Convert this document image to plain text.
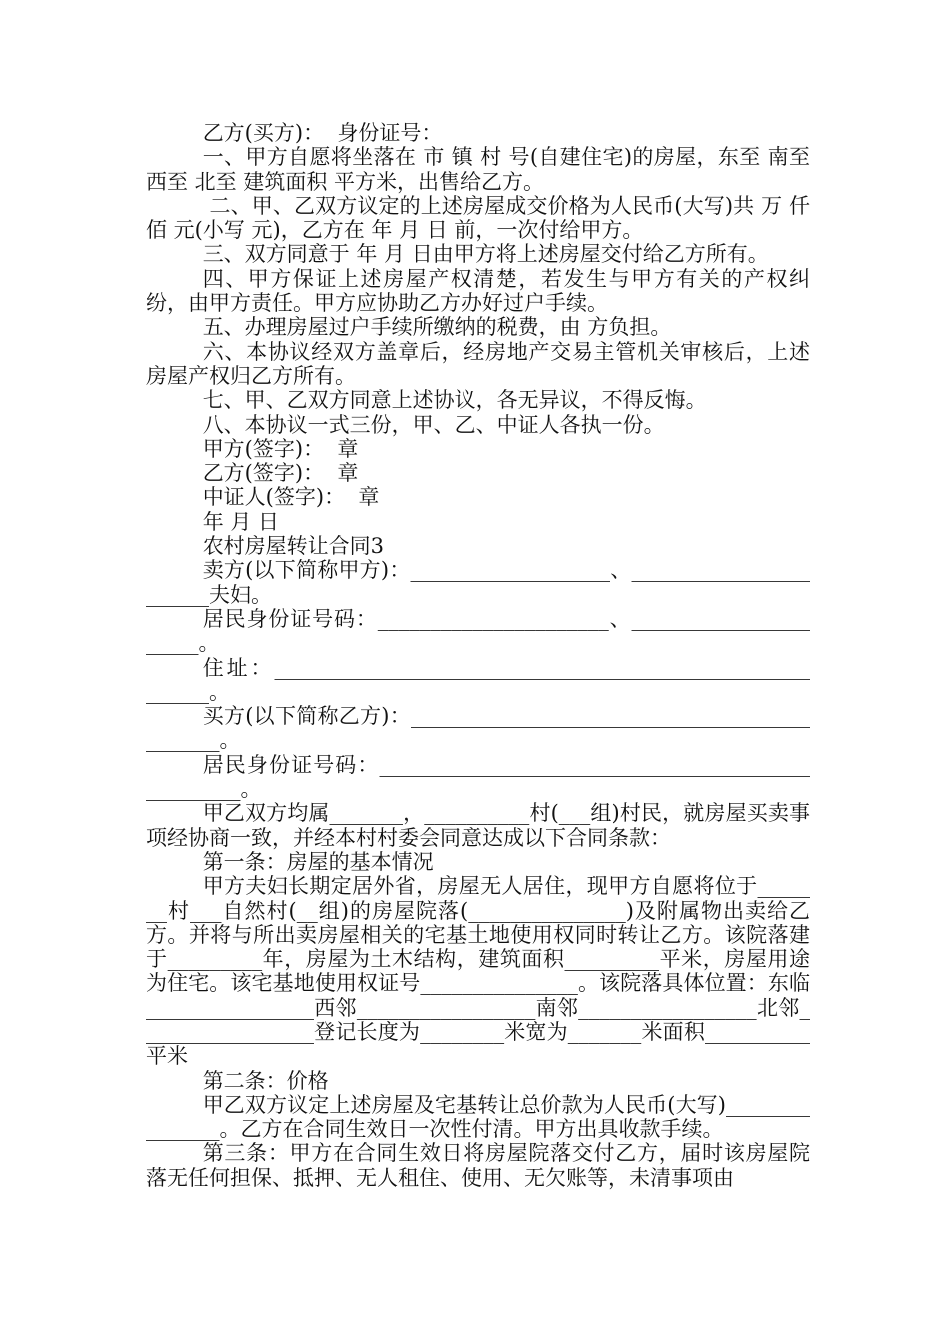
乙方(买方)：  身份证号：

一、甲方自愿将坐落在 市 镇 村 号(自建住宅)的房屋，东至 南至 西至 北至 建筑面积 平方米，出售给乙方。

二、甲、乙双方议定的上述房屋成交价格为人民币(大写)共 万 仟 佰 元(小写 元)，乙方在 年 月 日 前，一次付给甲方。

三、双方同意于 年 月 日由甲方将上述房屋交付给乙方所有。

四、甲方保证上述房屋产权清楚，若发生与甲方有关的产权纠纷，由甲方责任。甲方应协助乙方办好过户手续。

五、办理房屋过户手续所缴纳的税费，由 方负担。

六、本协议经双方盖章后，经房地产交易主管机关审核后，上述房屋产权归乙方所有。

七、甲、乙双方同意上述协议，各无异议，不得反悔。

八、本协议一式三份，甲、乙、中证人各执一份。

甲方(签字)：  章

乙方(签字)：  章

中证人(签字)：  章

年 月 日

农村房屋转让合同3

卖方(以下简称甲方)：___________________、_______________________夫妇。

居民身份证号码：______________________、______________________。

住址：_________________________________________________________。

买方(以下简称乙方)：_____________________________________________。

居民身份证号码：__________________________________________________。

甲乙双方均属_______，__________村(___组)村民，就房屋买卖事项经协商一致，并经本村村委会同意达成以下合同条款：

第一条：房屋的基本情况

甲方夫妇长期定居外省，房屋无人居住，现甲方自愿将位于_______村___自然村(__组)的房屋院落(_______________)及附属物出卖给乙方。并将与所出卖房屋相关的宅基土地使用权同时转让乙方。该院落建于_________年，房屋为土木结构，建筑面积_________平米，房屋用途为住宅。该宅基地使用权证号_______________。该院落具体位置：东临________________西邻_________________南邻_________________北邻_________________登记长度为________米宽为_______米面积__________平米

第二条：价格

甲乙双方议定上述房屋及宅基转让总价款为人民币(大写)_______________。乙方在合同生效日一次性付清。甲方出具收款手续。

第三条：甲方在合同生效日将房屋院落交付乙方，届时该房屋院落无任何担保、抵押、无人租住、使用、无欠账等，未清事项由
